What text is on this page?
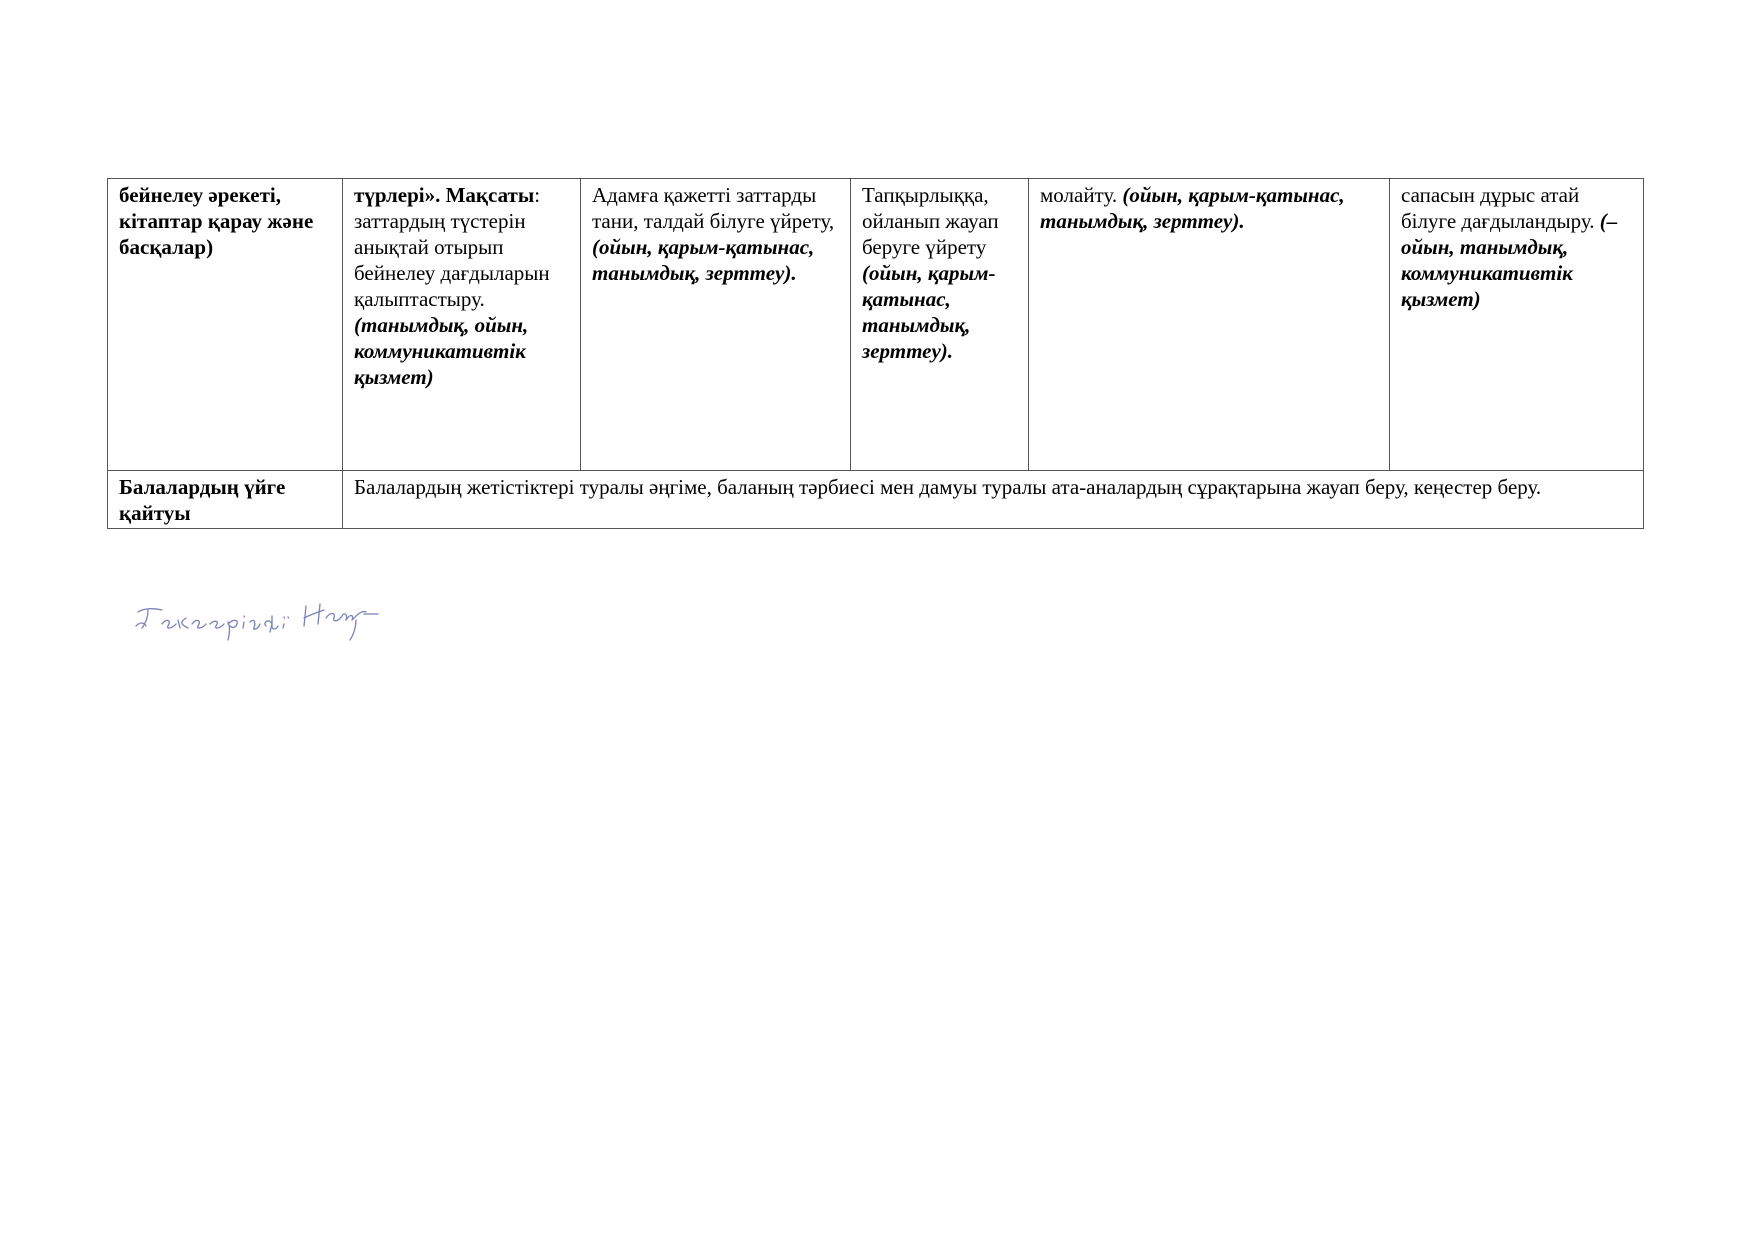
бейнелеу әрекеті, кітаптар қарау және басқалар)	түрлері». Мақсаты: заттардың түстерін анықтай отырып бейнелеу дағдыларын қалыптастыру. (танымдық, ойын, коммуникативтік қызмет)	Адамға қажетті заттарды тани, талдай білуге үйрету, (ойын, қарым-қатынас, танымдық, зерттеу).	Тапқырлыққа, ойланып жауап беруге үйрету (ойын, қарым-қатынас, танымдық, зерттеу).	молайту. (ойын, қарым-қатынас, танымдық, зерттеу).	сапасын дұрыс атай білуге дағдыландыру. (– ойын, танымдық, коммуникативтік қызмет)
Балалардың үйге қайтуы	Балалардың жетістіктері туралы әңгіме, баланың тәрбиесі мен дамуы туралы ата-аналардың сұрақтарына жауап беру, кеңестер беру.				
